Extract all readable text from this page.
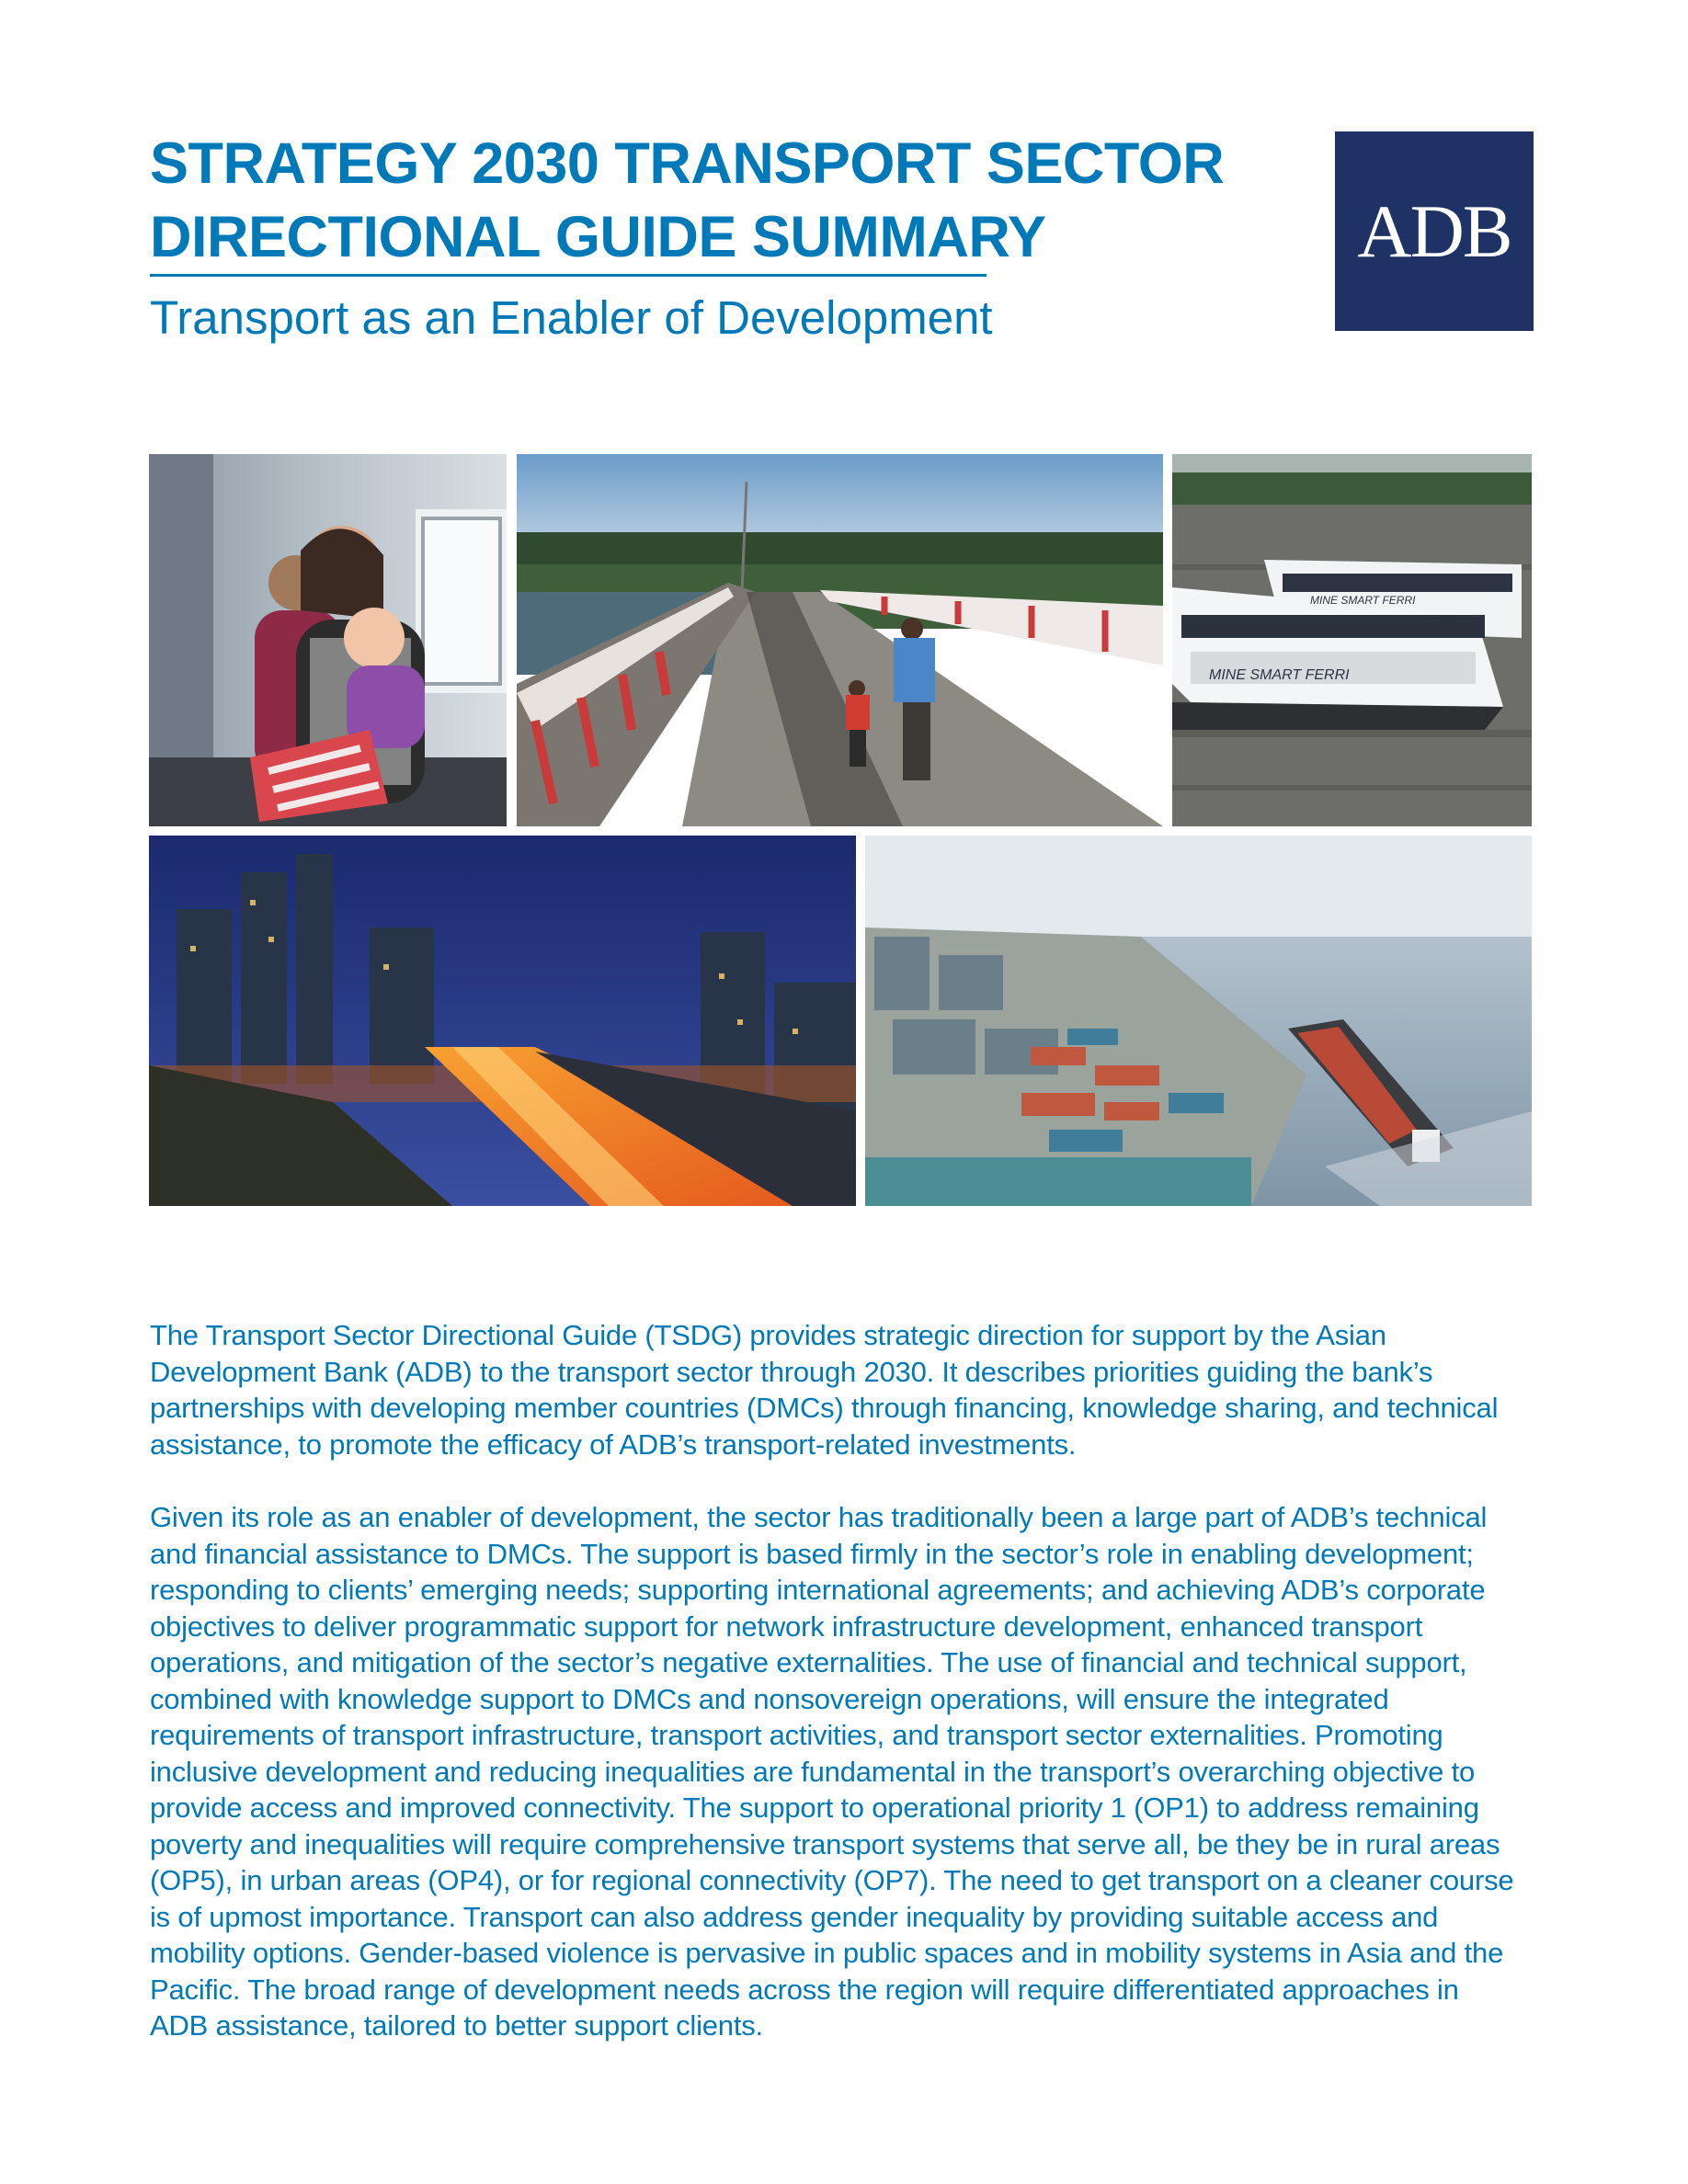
STRATEGY 2030 TRANSPORT SECTOR
DIRECTIONAL GUIDE SUMMARY
Transport as an Enabler of Development
ADB
MINE SMART FERRI
MINE SMART FERRI

The Transport Sector Directional Guide (TSDG) provides strategic direction for support by the Asian Development Bank (ADB) to the transport sector through 2030. It describes priorities guiding the bank’s partnerships with developing member countries (DMCs) through financing, knowledge sharing, and technical assistance, to promote the efficacy of ADB’s transport-related investments.

Given its role as an enabler of development, the sector has traditionally been a large part of ADB’s technical and financial assistance to DMCs. The support is based firmly in the sector’s role in enabling development; responding to clients’ emerging needs; supporting international agreements; and achieving ADB’s corporate objectives to deliver programmatic support for network infrastructure development, enhanced transport operations, and mitigation of the sector’s negative externalities. The use of financial and technical support, combined with knowledge support to DMCs and nonsovereign operations, will ensure the integrated requirements of transport infrastructure, transport activities, and transport sector externalities. Promoting inclusive development and reducing inequalities are fundamental in the transport’s overarching objective to provide access and improved connectivity. The support to operational priority 1 (OP1) to address remaining poverty and inequalities will require comprehensive transport systems that serve all, be they be in rural areas (OP5), in urban areas (OP4), or for regional connectivity (OP7). The need to get transport on a cleaner course is of upmost importance. Transport can also address gender inequality by providing suitable access and mobility options. Gender-based violence is pervasive in public spaces and in mobility systems in Asia and the Pacific. The broad range of development needs across the region will require differentiated approaches in ADB assistance, tailored to better support clients.
